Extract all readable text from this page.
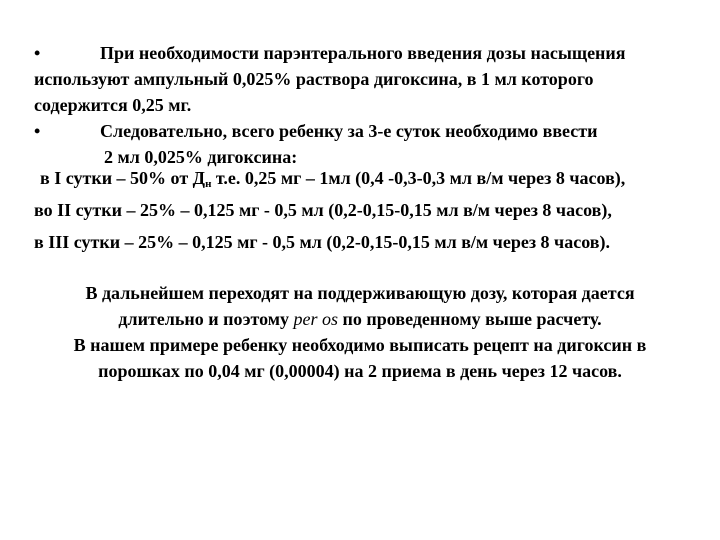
•	При необходимости парэнтерального введения дозы насыщения
используют ампульный 0,025% раствора дигоксина, в 1 мл которого
содержится 0,25 мг.
•	Следовательно, всего ребенку за 3-е суток необходимо ввести
2 мл 0,025% дигоксина:
в I сутки – 50% от $Д_н$ т.е. 0,25 мг – 1мл (0,4 -0,3-0,3 мл в/м через 8 часов),
во II сутки – 25% – 0,125 мг - 0,5 мл (0,2-0,15-0,15 мл в/м через 8 часов),
в III сутки – 25% – 0,125 мг - 0,5 мл (0,2-0,15-0,15 мл в/м через 8 часов).
В дальнейшем переходят на поддерживающую дозу, которая дается
длительно и поэтому per os по проведенному выше расчету.
В нашем примере ребенку необходимо выписать рецепт на дигоксин в
порошках по 0,04 мг (0,00004) на 2 приема в день через 12 часов.
